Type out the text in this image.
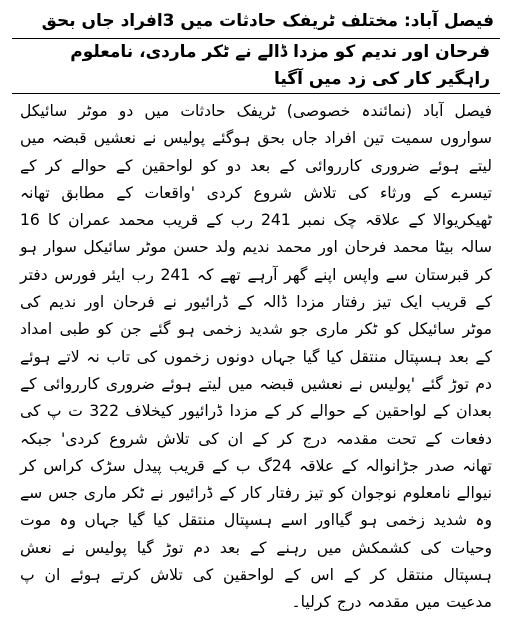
فیصل آباد: مختلف ٹریفک حادثات میں 3افراد جاں بحق
فرحان اور ندیم کو مزدا ڈالے نے ٹکر ماردی، نامعلوم راہگیر کار کی زد میں آگیا

فیصل آباد (نمائندہ خصوصی) ٹریفک حادثات میں دو موٹر سائیکل سواروں سمیت تین افراد جاں بحق ہوگئے پولیس نے نعشیں قبضہ میں لیتے ہوئے ضروری کارروائی کے بعد دو کو لواحقین کے حوالے کر کے تیسرے کے ورثاء کی تلاش شروع کردی 'واقعات کے مطابق تھانہ ٹھیکریوالا کے علاقہ چک نمبر 241 رب کے قریب محمد عمران کا 16 سالہ بیٹا محمد فرحان اور محمد ندیم ولد حسن موٹر سائیکل سوار ہو کر قبرستان سے واپس اپنے گھر آرہے تھے کہ 241 رب ایئر فورس دفتر کے قریب ایک تیز رفتار مزدا ڈالہ کے ڈرائیور نے فرحان اور ندیم کی موٹر سائیکل کو ٹکر ماری جو شدید زخمی ہو گئے جن کو طبی امداد کے بعد ہسپتال منتقل کیا گیا جہاں دونوں زخموں کی تاب نہ لاتے ہوئے دم توڑ گئے 'پولیس نے نعشیں قبضہ میں لیتے ہوئے ضروری کارروائی کے بعدان کے لواحقین کے حوالے کر کے مزدا ڈرائیور کیخلاف 322 ت پ کی دفعات کے تحت مقدمہ درج کر کے ان کی تلاش شروع کردی' جبکہ تھانہ صدر جڑانوالہ کے علاقہ 24گ ب کے قریب پیدل سڑک کراس کر نیوالے نامعلوم نوجوان کو تیز رفتار کار کے ڈرائیور نے ٹکر ماری جس سے وہ شدید زخمی ہو گیااور اسے ہسپتال منتقل کیا گیا جہاں وہ موت وحیات کی کشمکش میں رہنے کے بعد دم توڑ گیا پولیس نے نعش ہسپتال منتقل کر کے اس کے لواحقین کی تلاش کرتے ہوئے ان پ مدعیت میں مقدمہ درج کرلیا۔
